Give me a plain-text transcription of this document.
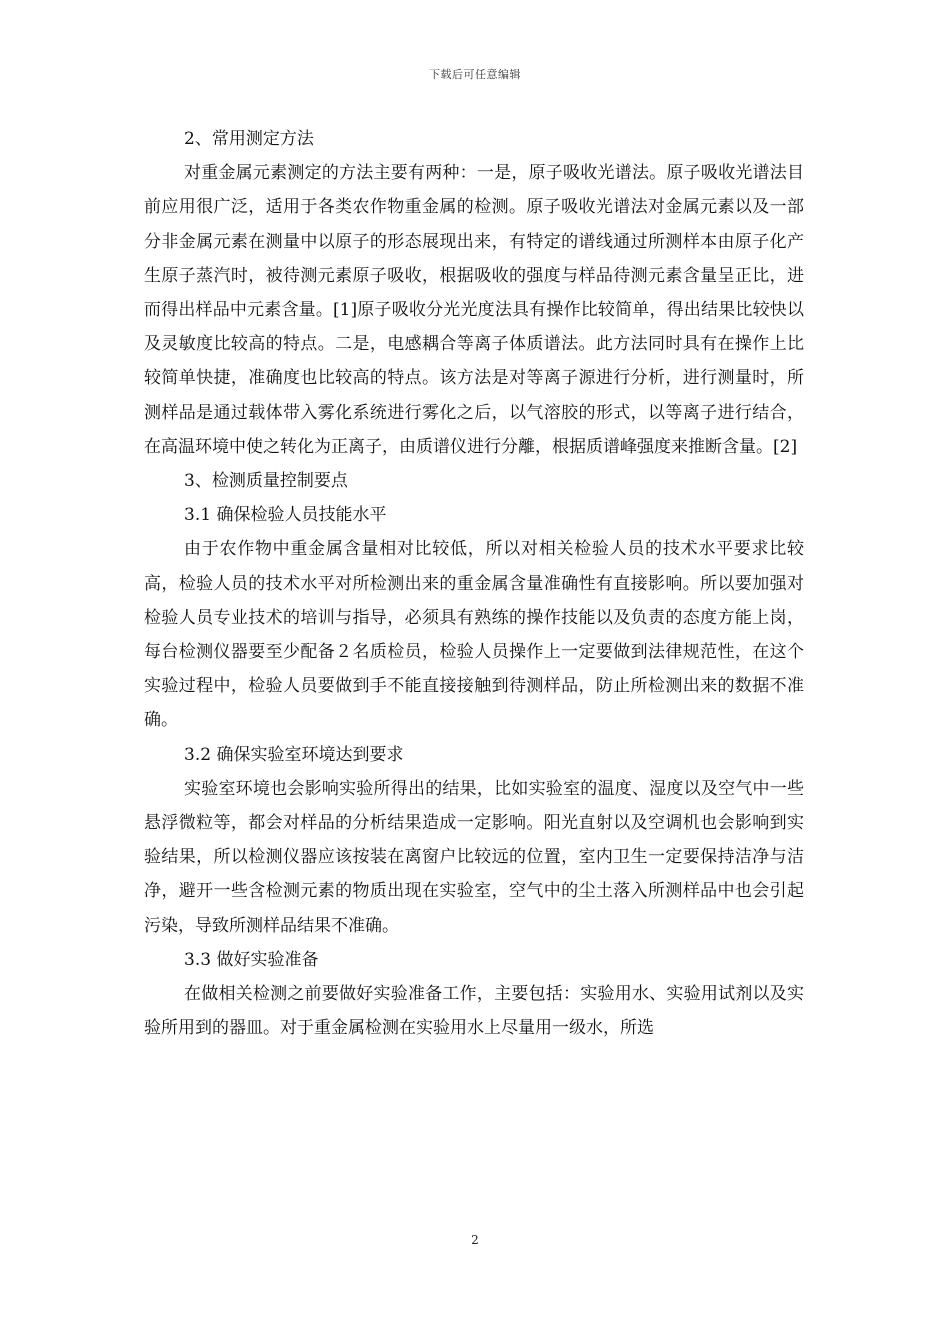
下载后可任意编辑

2、常用测定方法

对重金属元素测定的方法主要有两种：一是，原子吸收光谱法。原子吸收光谱法目前应用很广泛，适用于各类农作物重金属的检测。原子吸收光谱法对金属元素以及一部分非金属元素在测量中以原子的形态展现出来，有特定的谱线通过所测样本由原子化产生原子蒸汽时，被待测元素原子吸收，根据吸收的强度与样品待测元素含量呈正比，进而得出样品中元素含量。[1]原子吸收分光光度法具有操作比较简单，得出结果比较快以及灵敏度比较高的特点。二是，电感耦合等离子体质谱法。此方法同时具有在操作上比较简单快捷，准确度也比较高的特点。该方法是对等离子源进行分析，进行测量时，所测样品是通过载体带入雾化系统进行雾化之后，以气溶胶的形式，以等离子进行结合，在高温环境中使之转化为正离子，由质谱仪进行分離，根据质谱峰强度来推断含量。[2]

3、检测质量控制要点

3.1 确保检验人员技能水平

由于农作物中重金属含量相对比较低，所以对相关检验人员的技术水平要求比较高，检验人员的技术水平对所检测出来的重金属含量准确性有直接影响。所以要加强对检验人员专业技术的培训与指导，必须具有熟练的操作技能以及负责的态度方能上岗，每台检测仪器要至少配备２名质检员，检验人员操作上一定要做到法律规范性，在这个实验过程中，检验人员要做到手不能直接接触到待测样品，防止所检测出来的数据不准确。

3.2 确保实验室环境达到要求

实验室环境也会影响实验所得出的结果，比如实验室的温度、湿度以及空气中一些悬浮微粒等，都会对样品的分析结果造成一定影响。阳光直射以及空调机也会影响到实验结果，所以检测仪器应该按装在离窗户比较远的位置，室内卫生一定要保持洁净与洁净，避开一些含检测元素的物质出现在实验室，空气中的尘土落入所测样品中也会引起污染，导致所测样品结果不准确。

3.3 做好实验准备

在做相关检测之前要做好实验准备工作，主要包括：实验用水、实验用试剂以及实验所用到的器皿。对于重金属检测在实验用水上尽量用一级水，所选

2
